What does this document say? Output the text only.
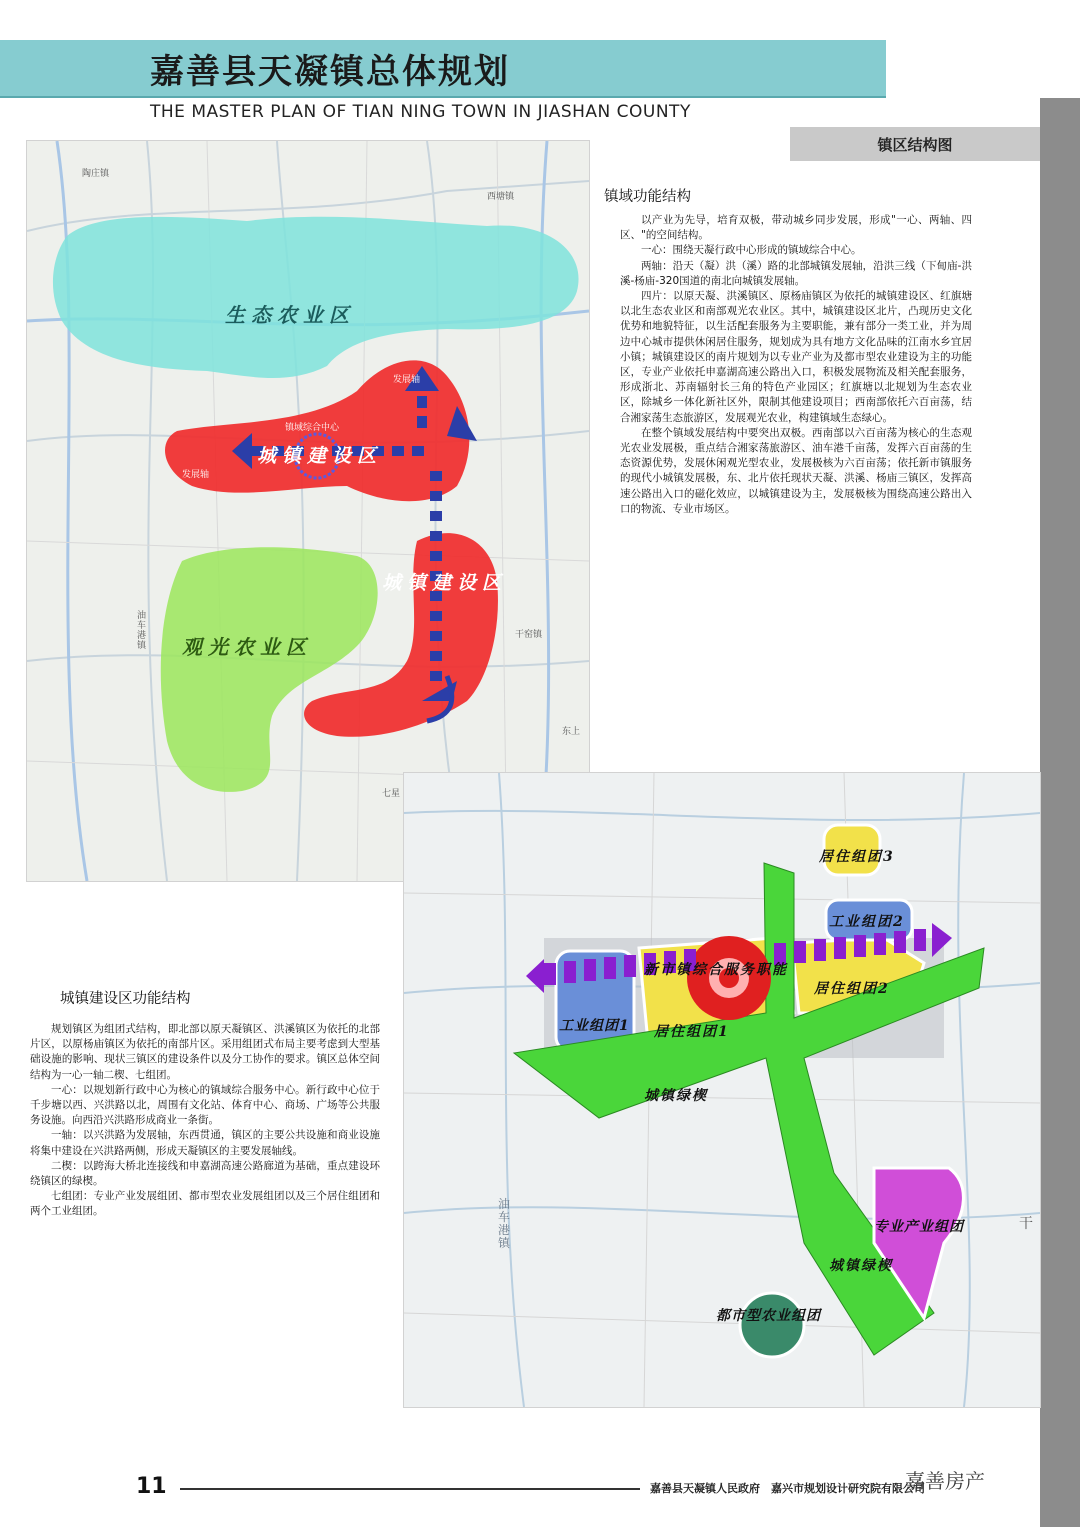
嘉善县天凝镇总体规划
THE MASTER PLAN OF TIAN NING TOWN IN JIASHAN COUNTY
镇区结构图
生态农业区
城镇建设区
城镇建设区
观光农业区
发展轴
发展轴
镇域综合中心
陶庄镇
西塘镇
干窑镇
油车港镇
七星
东上
镇域功能结构

以产业为先导，培育双极，带动城乡同步发展，形成"一心、两轴、四区、"的空间结构。

一心：围绕天凝行政中心形成的镇域综合中心。

两轴：沿天（凝）洪（溪）路的北部城镇发展轴，沿洪三线（下甸庙-洪溪-杨庙-320国道的南北向城镇发展轴。

四片：以原天凝、洪溪镇区、原杨庙镇区为依托的城镇建设区、红旗塘以北生态农业区和南部观光农业区。其中，城镇建设区北片，凸现历史文化优势和地貌特征，以生活配套服务为主要职能，兼有部分一类工业，并为周边中心城市提供休闲居住服务，规划成为具有地方文化品味的江南水乡宜居小镇；城镇建设区的南片规划为以专业产业为及都市型农业建设为主的功能区，专业产业依托申嘉湖高速公路出入口，积极发展物流及相关配套服务，形成浙北、苏南辐射长三角的特色产业园区；红旗塘以北规划为生态农业区，除城乡一体化新社区外，限制其他建设项目；西南部依托六百亩荡，结合湘家荡生态旅游区，发展观光农业，构建镇域生态绿心。

在整个镇域发展结构中要突出双极。西南部以六百亩荡为核心的生态观光农业发展极，重点结合湘家荡旅游区、油车港千亩荡，发挥六百亩荡的生态资源优势，发展休闲观光型农业，发展极核为六百亩荡；依托新市镇服务的现代小城镇发展极，东、北片依托现状天凝、洪溪、杨庙三镇区，发挥高速公路出入口的磁化效应，以城镇建设为主，发展极核为围绕高速公路出入口的物流、专业市场区。

城镇建设区功能结构

规划镇区为组团式结构，即北部以原天凝镇区、洪溪镇区为依托的北部片区，以原杨庙镇区为依托的南部片区。采用组团式布局主要考虑到大型基础设施的影响、现状三镇区的建设条件以及分工协作的要求。镇区总体空间结构为一心一轴二楔、七组团。

一心：以规划新行政中心为核心的镇域综合服务中心。新行政中心位于千步塘以西、兴洪路以北，周围有文化站、体育中心、商场、广场等公共服务设施。向西沿兴洪路形成商业一条街。

一轴：以兴洪路为发展轴，东西贯通，镇区的主要公共设施和商业设施将集中建设在兴洪路两侧，形成天凝镇区的主要发展轴线。

二楔：以跨海大桥北连接线和申嘉湖高速公路廊道为基础，重点建设环绕镇区的绿楔。

七组团：专业产业发展组团、都市型农业发展组团以及三个居住组团和两个工业组团。

居住组团3
工业组团2
新市镇综合服务职能
居住组团2
工业组团1 居住组团1
城镇绿楔
专业产业组团
城镇绿楔
都市型农业组团
油车港镇
干
11	嘉善县天凝镇人民政府　嘉兴市规划设计研究院有限公司
嘉善房产
